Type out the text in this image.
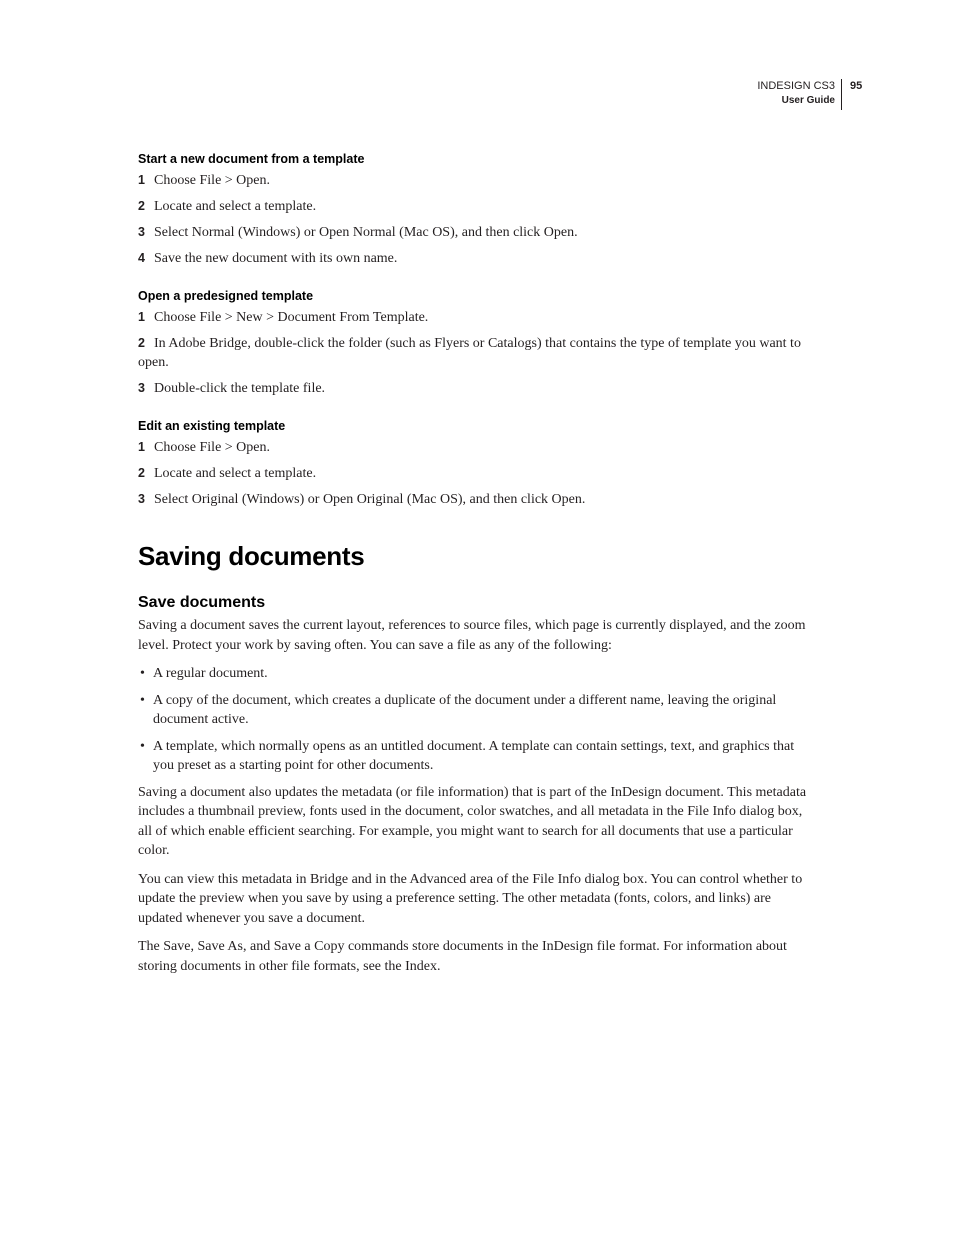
INDESIGN CS3
User Guide
95
Start a new document from a template
1 Choose File > Open.
2 Locate and select a template.
3 Select Normal (Windows) or Open Normal (Mac OS), and then click Open.
4 Save the new document with its own name.
Open a predesigned template
1 Choose File > New > Document From Template.
2 In Adobe Bridge, double-click the folder (such as Flyers or Catalogs) that contains the type of template you want to open.
3 Double-click the template file.
Edit an existing template
1 Choose File > Open.
2 Locate and select a template.
3 Select Original (Windows) or Open Original (Mac OS), and then click Open.
Saving documents
Save documents

Saving a document saves the current layout, references to source files, which page is currently displayed, and the zoom level. Protect your work by saving often. You can save a file as any of the following:

• A regular document.
• A copy of the document, which creates a duplicate of the document under a different name, leaving the original document active.
• A template, which normally opens as an untitled document. A template can contain settings, text, and graphics that you preset as a starting point for other documents.

Saving a document also updates the metadata (or file information) that is part of the InDesign document. This metadata includes a thumbnail preview, fonts used in the document, color swatches, and all metadata in the File Info dialog box, all of which enable efficient searching. For example, you might want to search for all documents that use a particular color.

You can view this metadata in Bridge and in the Advanced area of the File Info dialog box. You can control whether to update the preview when you save by using a preference setting. The other metadata (fonts, colors, and links) are updated whenever you save a document.

The Save, Save As, and Save a Copy commands store documents in the InDesign file format. For information about storing documents in other file formats, see the Index.
